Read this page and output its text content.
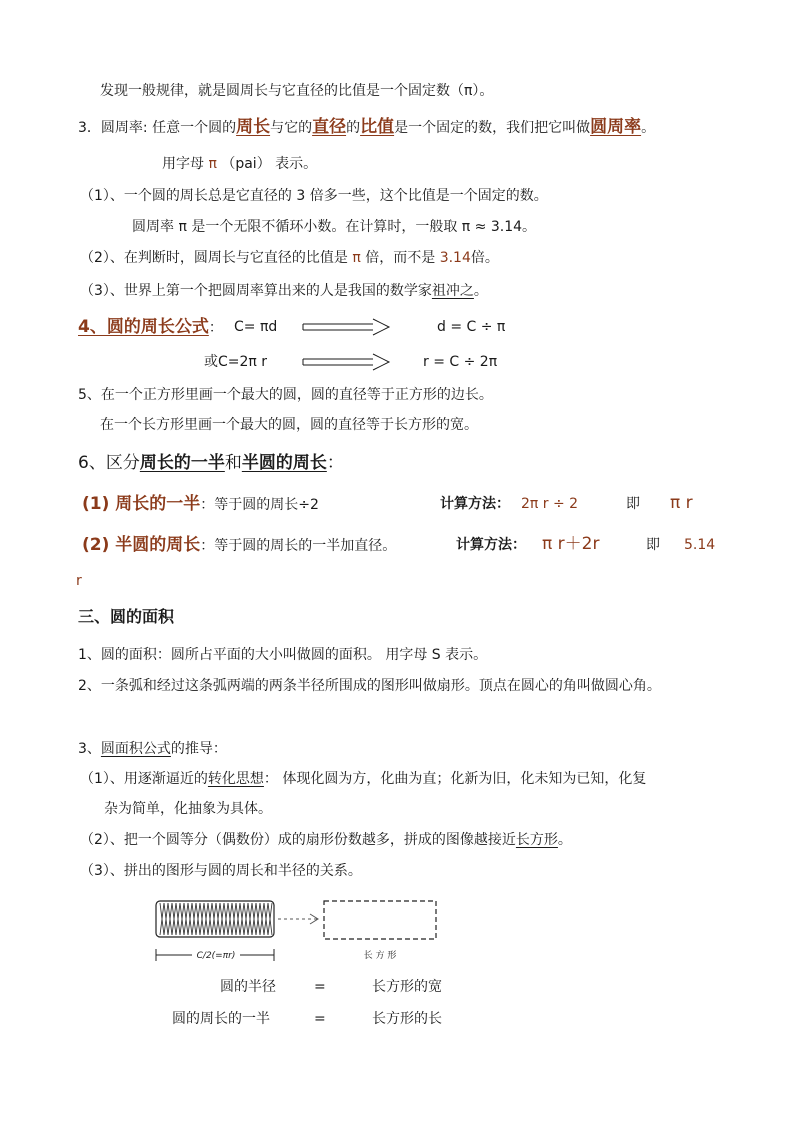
发现一般规律，就是圆周长与它直径的比值是一个固定数（π）。
3．圆周率: 任意一个圆的周长与它的直径的比值是一个固定的数，我们把它叫做圆周率。
用字母 π （pai） 表示。
（1）、一个圆的周长总是它直径的 3 倍多一些，这个比值是一个固定的数。
圆周率 π 是一个无限不循环小数。在计算时，一般取 π ≈ 3.14。
（2）、在判断时，圆周长与它直径的比值是 π 倍，而不是 3.14倍。
（3）、世界上第一个把圆周率算出来的人是我国的数学家祖冲之。
4、圆的周长公式： C= πd	d = C ÷ π
或C=2π r	r = C ÷ 2π
5、在一个正方形里画一个最大的圆，圆的直径等于正方形的边长。
在一个长方形里画一个最大的圆，圆的直径等于长方形的宽。
6、区分周长的一半和半圆的周长：
(1) 周长的一半：等于圆的周长÷2	计算方法： 2π r ÷ 2	即 π r
(2) 半圆的周长：等于圆的周长的一半加直径。	计算方法： π r＋2r	即 5.14
r
三、圆的面积
1、圆的面积：圆所占平面的大小叫做圆的面积。 用字母 S 表示。
2、一条弧和经过这条弧两端的两条半径所围成的图形叫做扇形。顶点在圆心的角叫做圆心角。
3、圆面积公式的推导：
（1）、用逐渐逼近的转化思想： 体现化圆为方，化曲为直；化新为旧，化未知为已知，化复
杂为简单，化抽象为具体。
（2）、把一个圆等分（偶数份）成的扇形份数越多，拼成的图像越接近长方形。
（3）、拼出的图形与圆的周长和半径的关系。
C/2(=πr)	长 方 形
圆的半径	=	长方形的宽
圆的周长的一半	=	长方形的长
